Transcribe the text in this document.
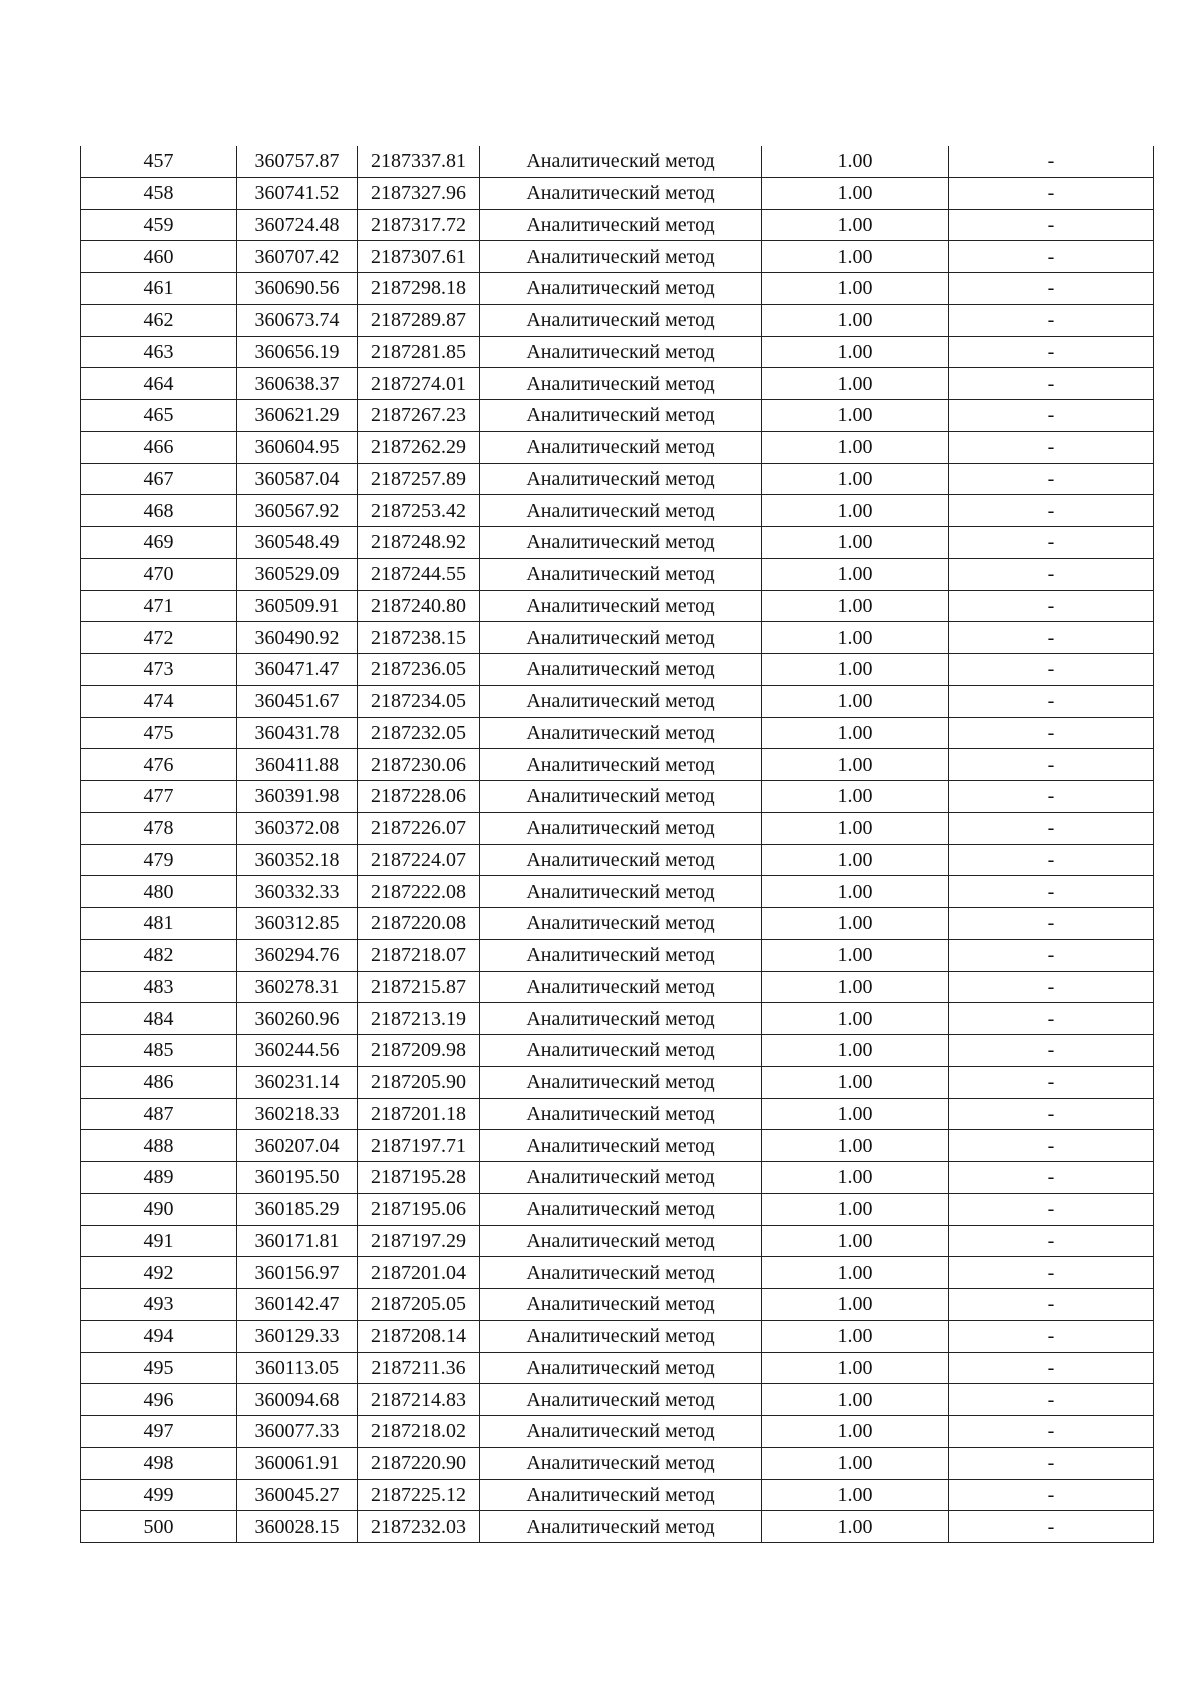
457	360757.87	2187337.81	Аналитический метод	1.00	-
458	360741.52	2187327.96	Аналитический метод	1.00	-
459	360724.48	2187317.72	Аналитический метод	1.00	-
460	360707.42	2187307.61	Аналитический метод	1.00	-
461	360690.56	2187298.18	Аналитический метод	1.00	-
462	360673.74	2187289.87	Аналитический метод	1.00	-
463	360656.19	2187281.85	Аналитический метод	1.00	-
464	360638.37	2187274.01	Аналитический метод	1.00	-
465	360621.29	2187267.23	Аналитический метод	1.00	-
466	360604.95	2187262.29	Аналитический метод	1.00	-
467	360587.04	2187257.89	Аналитический метод	1.00	-
468	360567.92	2187253.42	Аналитический метод	1.00	-
469	360548.49	2187248.92	Аналитический метод	1.00	-
470	360529.09	2187244.55	Аналитический метод	1.00	-
471	360509.91	2187240.80	Аналитический метод	1.00	-
472	360490.92	2187238.15	Аналитический метод	1.00	-
473	360471.47	2187236.05	Аналитический метод	1.00	-
474	360451.67	2187234.05	Аналитический метод	1.00	-
475	360431.78	2187232.05	Аналитический метод	1.00	-
476	360411.88	2187230.06	Аналитический метод	1.00	-
477	360391.98	2187228.06	Аналитический метод	1.00	-
478	360372.08	2187226.07	Аналитический метод	1.00	-
479	360352.18	2187224.07	Аналитический метод	1.00	-
480	360332.33	2187222.08	Аналитический метод	1.00	-
481	360312.85	2187220.08	Аналитический метод	1.00	-
482	360294.76	2187218.07	Аналитический метод	1.00	-
483	360278.31	2187215.87	Аналитический метод	1.00	-
484	360260.96	2187213.19	Аналитический метод	1.00	-
485	360244.56	2187209.98	Аналитический метод	1.00	-
486	360231.14	2187205.90	Аналитический метод	1.00	-
487	360218.33	2187201.18	Аналитический метод	1.00	-
488	360207.04	2187197.71	Аналитический метод	1.00	-
489	360195.50	2187195.28	Аналитический метод	1.00	-
490	360185.29	2187195.06	Аналитический метод	1.00	-
491	360171.81	2187197.29	Аналитический метод	1.00	-
492	360156.97	2187201.04	Аналитический метод	1.00	-
493	360142.47	2187205.05	Аналитический метод	1.00	-
494	360129.33	2187208.14	Аналитический метод	1.00	-
495	360113.05	2187211.36	Аналитический метод	1.00	-
496	360094.68	2187214.83	Аналитический метод	1.00	-
497	360077.33	2187218.02	Аналитический метод	1.00	-
498	360061.91	2187220.90	Аналитический метод	1.00	-
499	360045.27	2187225.12	Аналитический метод	1.00	-
500	360028.15	2187232.03	Аналитический метод	1.00	-
